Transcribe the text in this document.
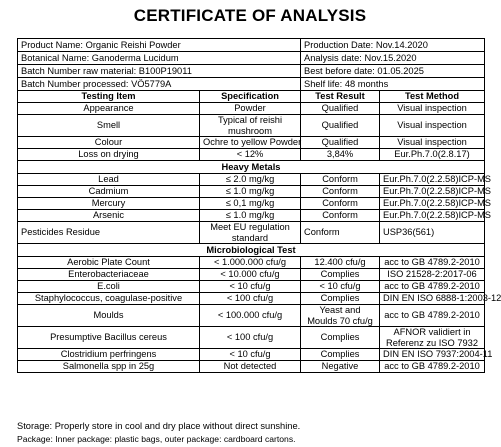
CERTIFICATE OF ANALYSIS
Product Name: Organic Reishi Powder		Production Date: Nov.14.2020	
Botanical Name: Ganoderma Lucidum		Analysis date: Nov.15.2020	
Batch Number raw material: B100P19011		Best before date: 01.05.2025	
Batch Number processed: VÖ5779A		Shelf life: 48 months	
Testing Item	Specification	Test Result	Test Method
Appearance	Powder	Qualified	Visual inspection
Smell	Typical of reishi mushroom	Qualified	Visual inspection
Colour	Ochre to yellow Powder	Qualified	Visual inspection
Loss on drying	< 12%	3,84%	Eur.Ph.7.0(2.8.17)
Heavy Metals			
Lead	≤ 2.0 mg/kg	Conform	Eur.Ph.7.0(2.2.58)ICP-MS
Cadmium	≤ 1.0 mg/kg	Conform	Eur.Ph.7.0(2.2.58)ICP-MS
Mercury	≤ 0,1 mg/kg	Conform	Eur.Ph.7.0(2.2.58)ICP-MS
Arsenic	≤ 1.0 mg/kg	Conform	Eur.Ph.7.0(2.2.58)ICP-MS
Pesticides Residue	Meet EU regulation standard	Conform	USP36(561)
Microbiological Test			
Aerobic Plate Count	< 1.000.000 cfu/g	12.400 cfu/g	acc to GB 4789.2-2010
Enterobacteriaceae	< 10.000 cfu/g	Complies	ISO 21528-2:2017-06
E.coli	< 10 cfu/g	< 10 cfu/g	acc to GB 4789.2-2010
Staphylococcus, coagulase-positive	< 100 cfu/g	Complies	DIN EN ISO 6888-1:2003-12
Moulds	< 100.000 cfu/g	Yeast and Moulds 70 cfu/g	acc to GB 4789.2-2010
Presumptive Bacillus cereus	< 100 cfu/g	Complies	AFNOR validiert in Referenz zu ISO 7932
Clostridium perfringens	< 10 cfu/g	Complies	DIN EN ISO 7937:2004-11
Salmonella spp in 25g	Not detected	Negative	acc to GB 4789.2-2010
Storage: Properly store in cool and dry place without direct sunshine.
Package: Inner package: plastic bags, outer package: cardboard cartons.
